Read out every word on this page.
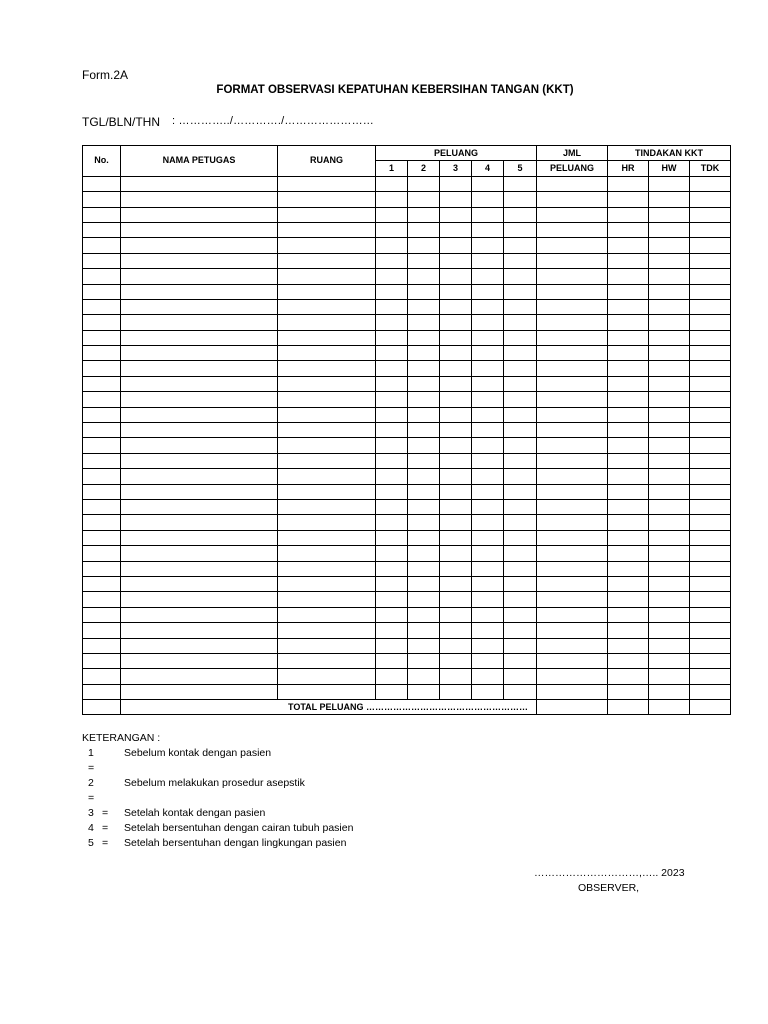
Form.2A
FORMAT OBSERVASI KEPATUHAN KEBERSIHAN TANGAN (KKT)
TGL/BLN/THN : …………../…………./……………………
No.	NAMA PETUGAS	RUANG	PELUANG					JML	TINDAKAN KKT		
			1	2	3	4	5	PELUANG	HR	HW	TDK

	TOTAL PELUANG ………………………………………………										
KETERANGAN :
1
=
Sebelum kontak dengan pasien
2
=
Sebelum melakukan prosedur asepstik
3 = Setelah kontak dengan pasien
4 = Setelah bersentuhan dengan cairan tubuh pasien
5 = Setelah bersentuhan dengan lingkungan pasien
…………………………,….. 2023
OBSERVER,
